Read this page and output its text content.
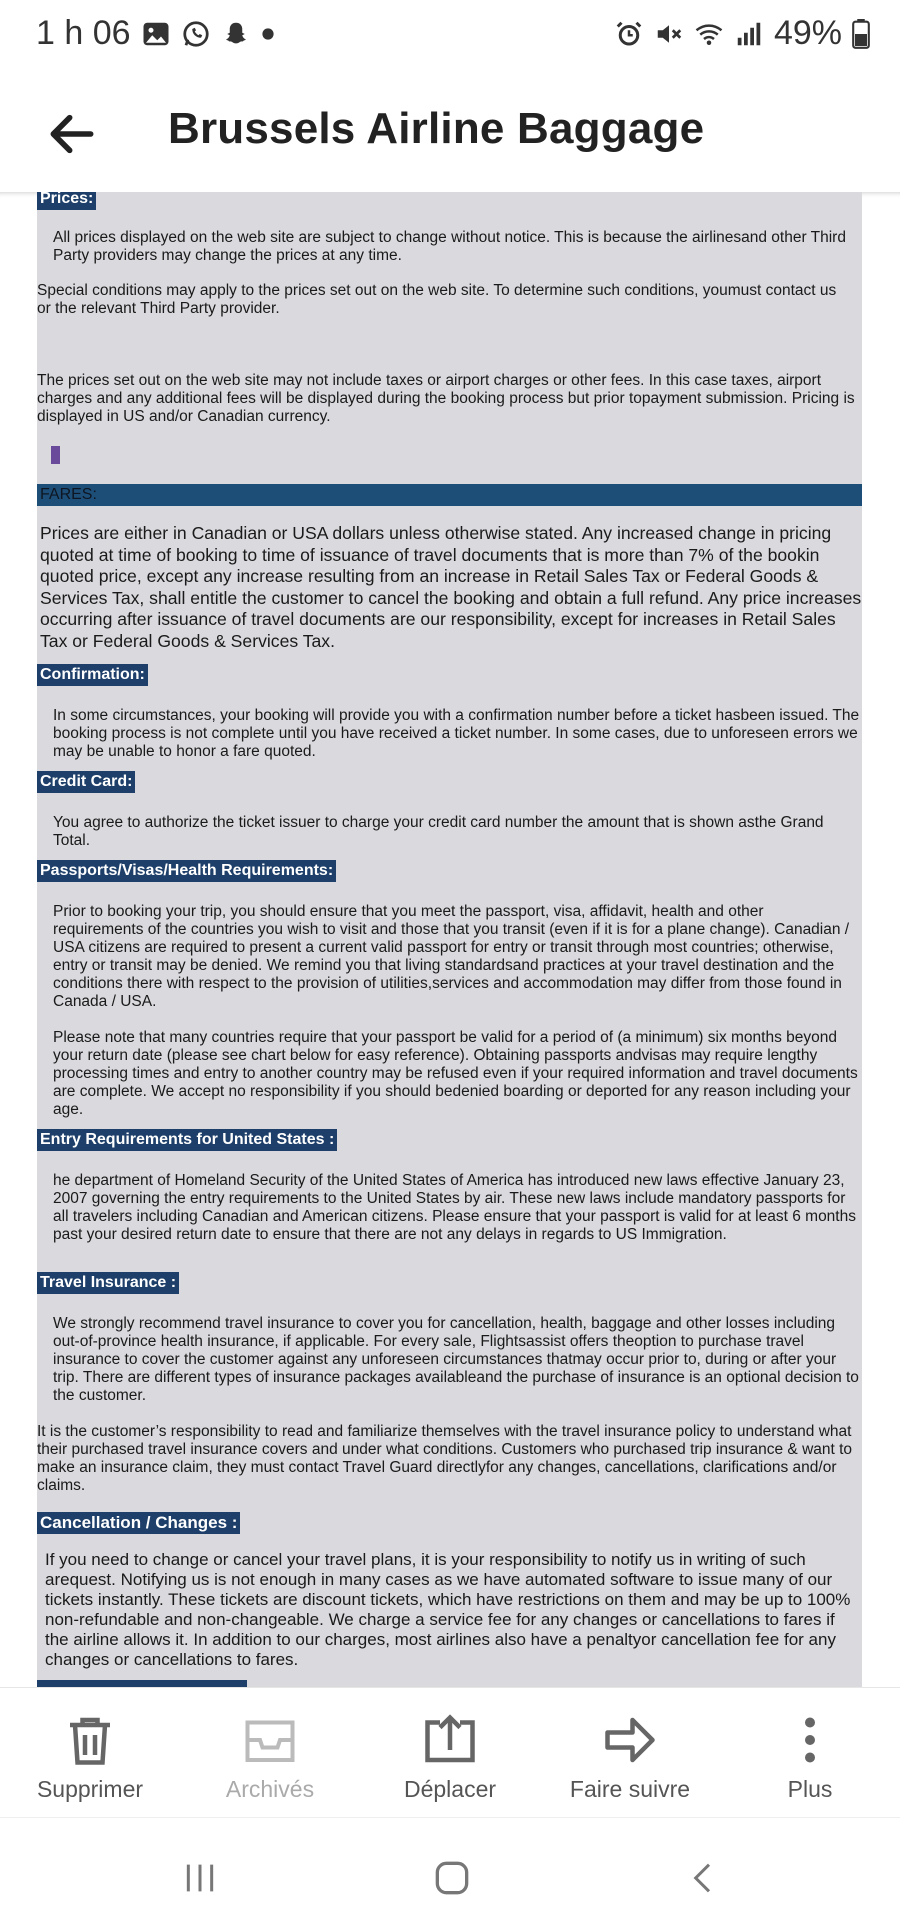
1 h 06	49%
Brussels Airline Baggage
Prices:
All prices displayed on the web site are subject to change without notice. This is because the airlinesand other Third Party providers may change the prices at any time.
Special conditions may apply to the prices set out on the web site. To determine such conditions, youmust contact us or the relevant Third Party provider.
The prices set out on the web site may not include taxes or airport charges or other fees. In this case taxes, airport charges and any additional fees will be displayed during the booking process but prior topayment submission. Pricing is displayed in US and/or Canadian currency.
FARES:
Prices are either in Canadian or USA dollars unless otherwise stated. Any increased change in pricing quoted at time of booking to time of issuance of travel documents that is more than 7% of the bookin quoted price, except any increase resulting from an increase in Retail Sales Tax or Federal Goods & Services Tax, shall entitle the customer to cancel the booking and obtain a full refund. Any price increases occurring after issuance of travel documents are our responsibility, except for increases in Retail Sales Tax or Federal Goods & Services Tax.
Confirmation:
In some circumstances, your booking will provide you with a confirmation number before a ticket hasbeen issued. The booking process is not complete until you have received a ticket number. In some cases, due to unforeseen errors we may be unable to honor a fare quoted.
Credit Card:
You agree to authorize the ticket issuer to charge your credit card number the amount that is shown asthe Grand Total.
Passports/Visas/Health Requirements:
Prior to booking your trip, you should ensure that you meet the passport, visa, affidavit, health and other requirements of the countries you wish to visit and those that you transit (even if it is for a plane change). Canadian / USA citizens are required to present a current valid passport for entry or transit through most countries; otherwise, entry or transit may be denied. We remind you that living standardsand practices at your travel destination and the conditions there with respect to the provision of utilities,services and accommodation may differ from those found in Canada / USA.
Please note that many countries require that your passport be valid for a period of (a minimum) six months beyond your return date (please see chart below for easy reference). Obtaining passports andvisas may require lengthy processing times and entry to another country may be refused even if your required information and travel documents are complete. We accept no responsibility if you should bedenied boarding or deported for any reason including your age.
Entry Requirements for United States :
he department of Homeland Security of the United States of America has introduced new laws effective January 23, 2007 governing the entry requirements to the United States by air. These new laws include mandatory passports for all travelers including Canadian and American citizens. Please ensure that your passport is valid for at least 6 months past your desired return date to ensure that there are not any delays in regards to US Immigration.
Travel Insurance :
We strongly recommend travel insurance to cover you for cancellation, health, baggage and other losses including out-of-province health insurance, if applicable. For every sale, Flightsassist offers theoption to purchase travel insurance to cover the customer against any unforeseen circumstances thatmay occur prior to, during or after your trip. There are different types of insurance packages availableand the purchase of insurance is an optional decision to the customer.
It is the customer’s responsibility to read and familiarize themselves with the travel insurance policy to understand what their purchased travel insurance covers and under what conditions. Customers who purchased trip insurance & want to make an insurance claim, they must contact Travel Guard directlyfor any changes, cancellations, clarifications and/or claims.
Cancellation / Changes :
If you need to change or cancel your travel plans, it is your responsibility to notify us in writing of such arequest. Notifying us is not enough in many cases as we have automated software to issue many of our tickets instantly. These tickets are discount tickets, which have restrictions on them and may be up to 100% non-refundable and non-changeable. We charge a service fee for any changes or cancellations to fares if the airline allows it. In addition to our charges, most airlines also have a penaltyor cancellation fee for any changes or cancellations to fares.
Supprimer	Archivés	Déplacer	Faire suivre	Plus
